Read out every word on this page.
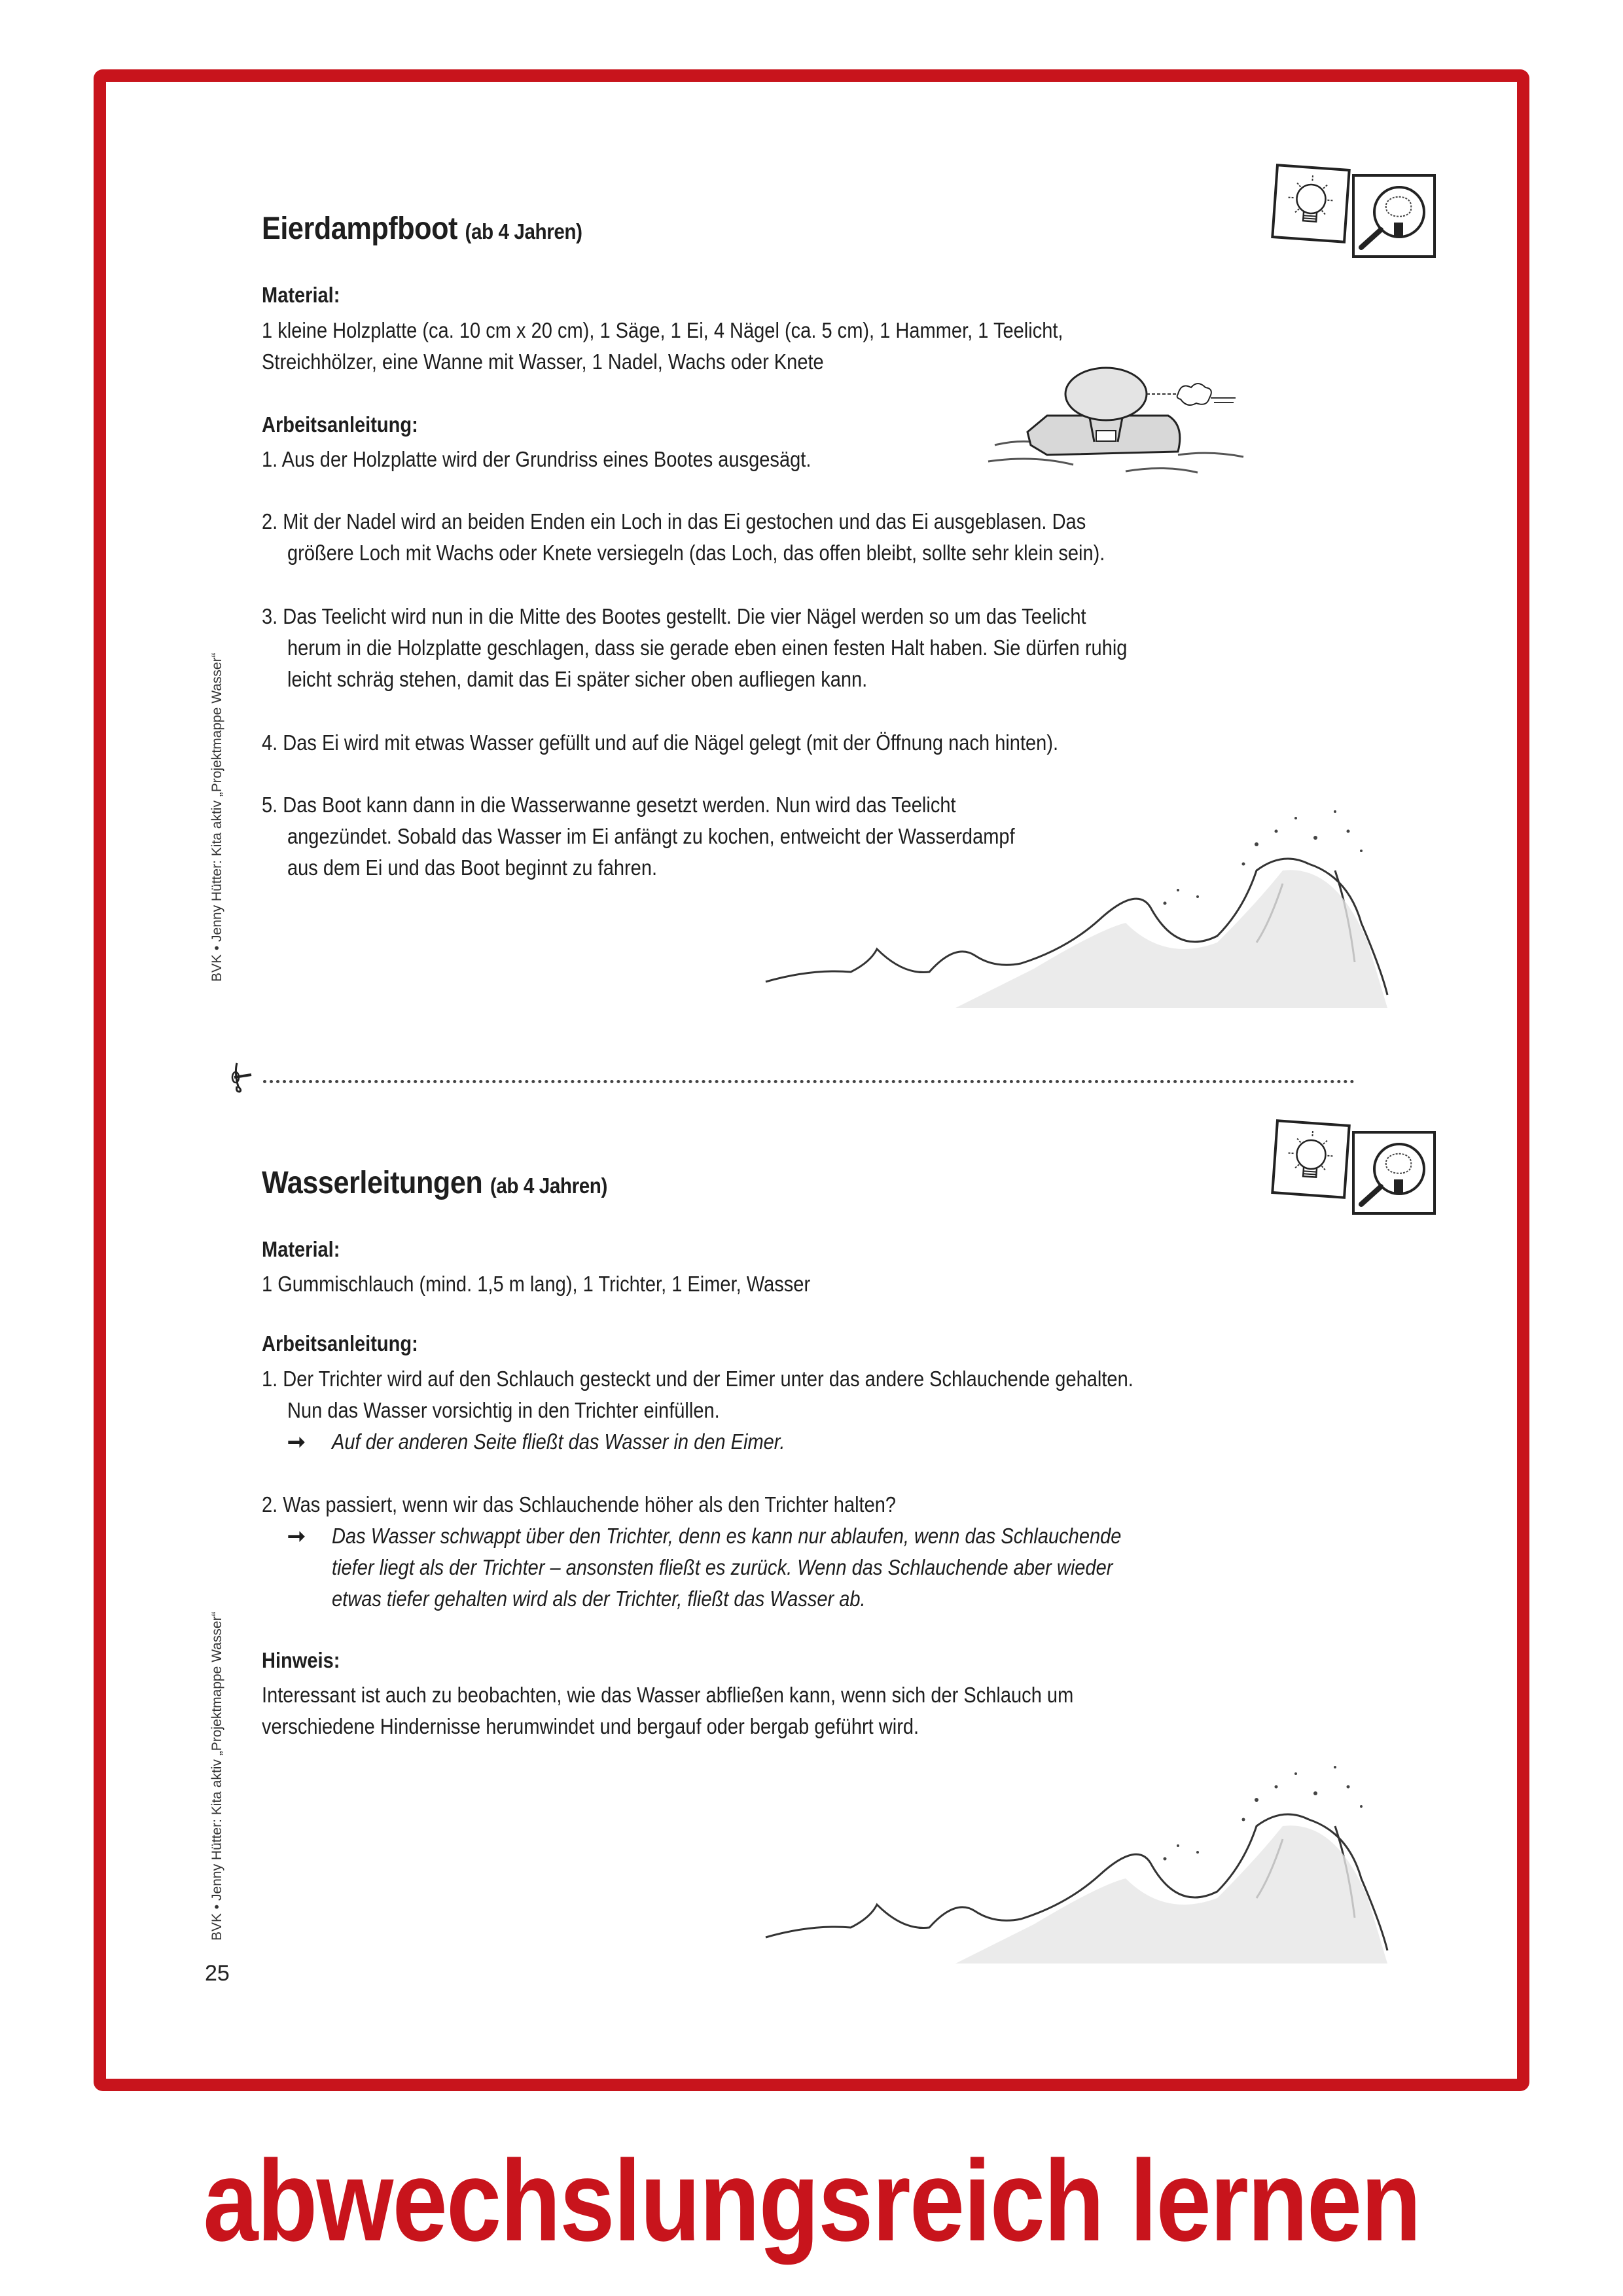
Eierdampfboot (ab 4 Jahren)
Material:
1 kleine Holzplatte (ca. 10 cm x 20 cm), 1 Säge, 1 Ei, 4 Nägel (ca. 5 cm), 1 Hammer, 1 Teelicht,
Streichhölzer, eine Wanne mit Wasser, 1 Nadel, Wachs oder Knete
Arbeitsanleitung:
1. Aus der Holzplatte wird der Grundriss eines Bootes ausgesägt.
2. Mit der Nadel wird an beiden Enden ein Loch in das Ei gestochen und das Ei ausgeblasen. Das
größere Loch mit Wachs oder Knete versiegeln (das Loch, das offen bleibt, sollte sehr klein sein).
3. Das Teelicht wird nun in die Mitte des Bootes gestellt. Die vier Nägel werden so um das Teelicht
herum in die Holzplatte geschlagen, dass sie gerade eben einen festen Halt haben. Sie dürfen ruhig
leicht schräg stehen, damit das Ei später sicher oben aufliegen kann.
4. Das Ei wird mit etwas Wasser gefüllt und auf die Nägel gelegt (mit der Öffnung nach hinten).
5. Das Boot kann dann in die Wasserwanne gesetzt werden. Nun wird das Teelicht
angezündet. Sobald das Wasser im Ei anfängt zu kochen, entweicht der Wasserdampf
aus dem Ei und das Boot beginnt zu fahren.
BVK • Jenny Hütter: Kita aktiv „Projektmappe Wasser“
Wasserleitungen (ab 4 Jahren)
Material:
1 Gummischlauch (mind. 1,5 m lang), 1 Trichter, 1 Eimer, Wasser
Arbeitsanleitung:
1. Der Trichter wird auf den Schlauch gesteckt und der Eimer unter das andere Schlauchende gehalten.
Nun das Wasser vorsichtig in den Trichter einfüllen.
➞ Auf der anderen Seite fließt das Wasser in den Eimer.
2. Was passiert, wenn wir das Schlauchende höher als den Trichter halten?
➞ Das Wasser schwappt über den Trichter, denn es kann nur ablaufen, wenn das Schlauchende
tiefer liegt als der Trichter – ansonsten fließt es zurück. Wenn das Schlauchende aber wieder
etwas tiefer gehalten wird als der Trichter, fließt das Wasser ab.
Hinweis:
Interessant ist auch zu beobachten, wie das Wasser abfließen kann, wenn sich der Schlauch um
verschiedene Hindernisse herumwindet und bergauf oder bergab geführt wird.
BVK • Jenny Hütter: Kita aktiv „Projektmappe Wasser“
25
abwechslungsreich lernen
